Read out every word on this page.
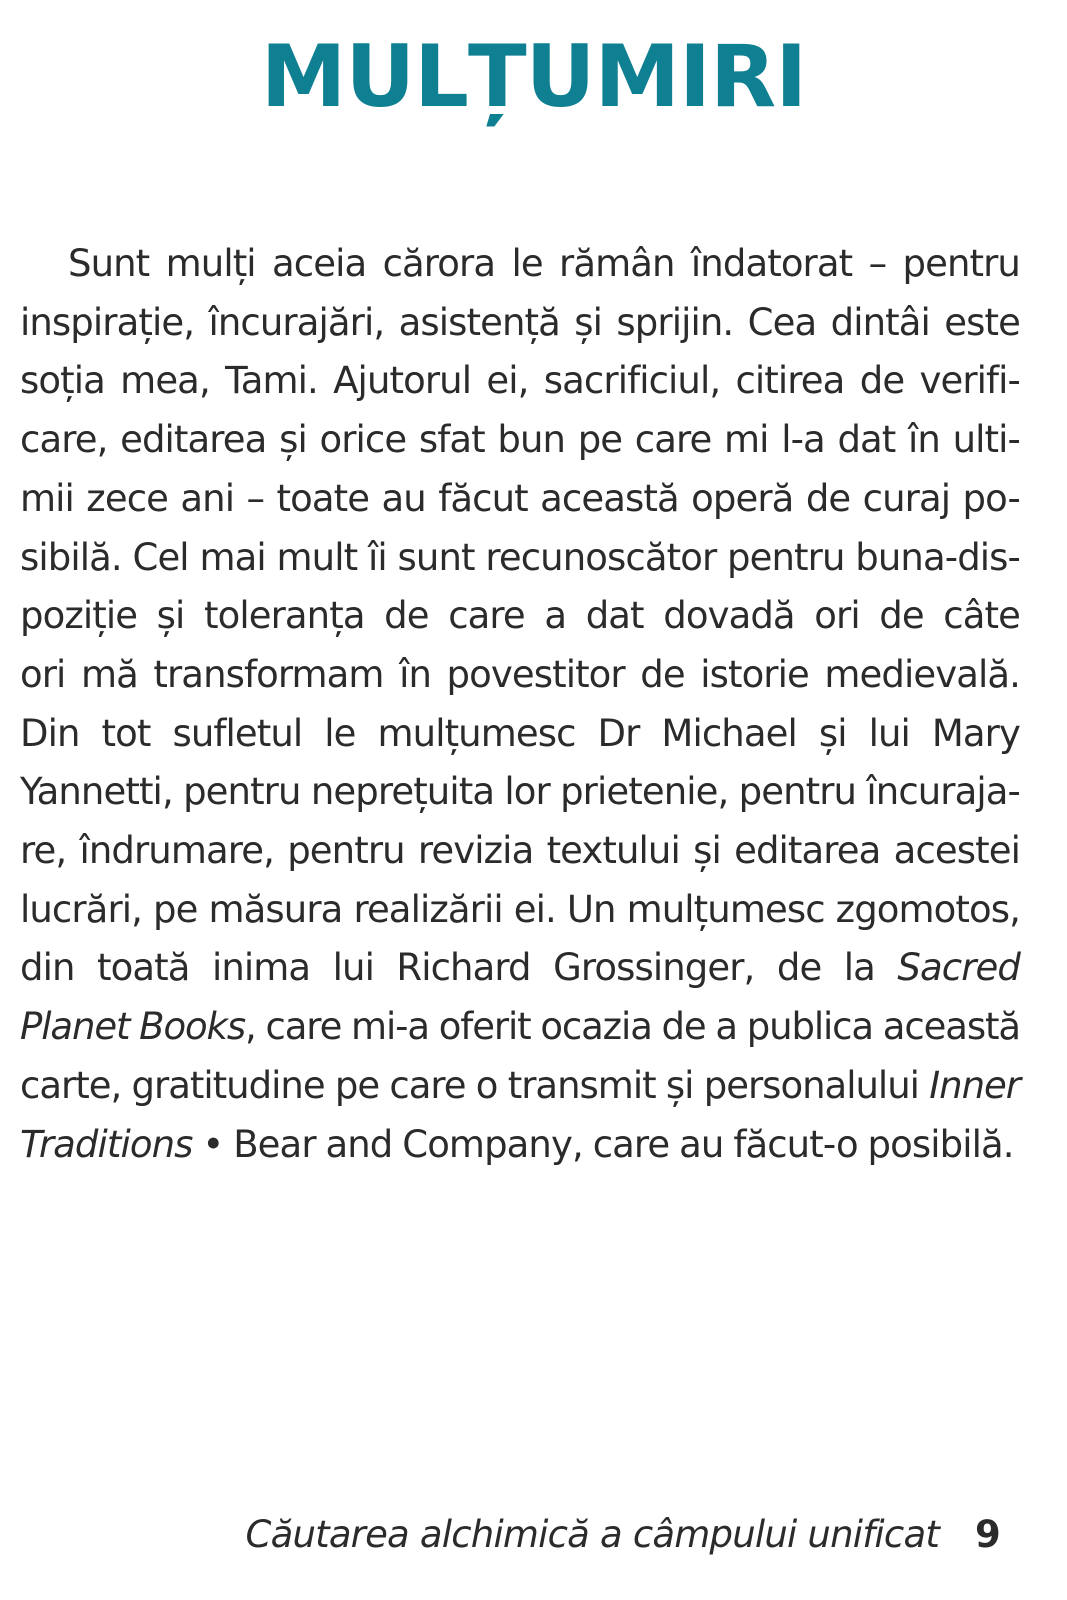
MULȚUMIRI
Sunt mulți aceia cărora le rămân îndatorat – pentru
inspirație, încurajări, asistență și sprijin. Cea dintâi este
soția mea, Tami. Ajutorul ei, sacrificiul, citirea de verifi-
care, editarea și orice sfat bun pe care mi l-a dat în ulti-
mii zece ani – toate au făcut această operă de curaj po-
sibilă. Cel mai mult îi sunt recunoscător pentru buna-dis-
poziție și toleranța de care a dat dovadă ori de câte
ori mă transformam în povestitor de istorie medievală.
Din tot sufletul le mulțumesc Dr Michael și lui Mary
Yannetti, pentru neprețuita lor prietenie, pentru încuraja-
re, îndrumare, pentru revizia textului și editarea acestei
lucrări, pe măsura realizării ei. Un mulțumesc zgomotos,
din toată inima lui Richard Grossinger, de la Sacred
Planet Books, care mi-a oferit ocazia de a publica această
carte, gratitudine pe care o transmit și personalului Inner
Traditions • Bear and Company, care au făcut-o posibilă.
Căutarea alchimică a câmpului unificat 9
